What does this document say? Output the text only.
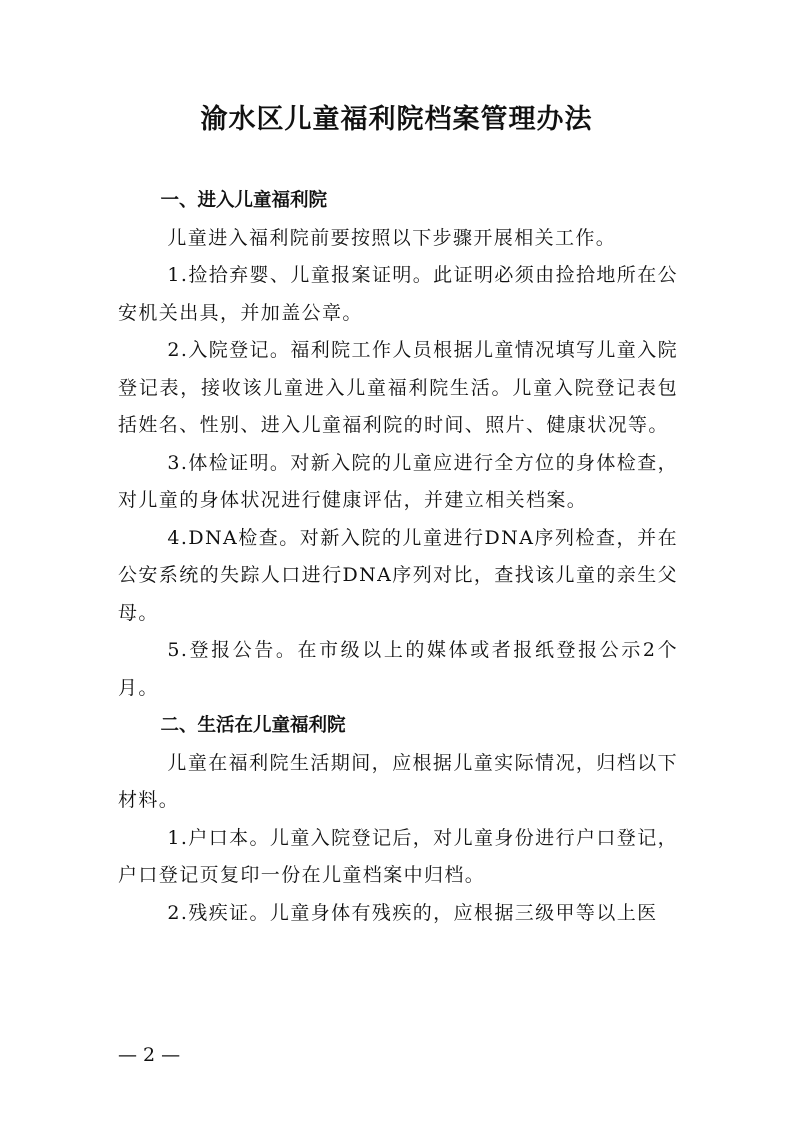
渝水区儿童福利院档案管理办法

一、进入儿童福利院

儿童进入福利院前要按照以下步骤开展相关工作。

1.捡拾弃婴、儿童报案证明。此证明必须由捡拾地所在公安机关出具，并加盖公章。

2.入院登记。福利院工作人员根据儿童情况填写儿童入院登记表，接收该儿童进入儿童福利院生活。儿童入院登记表包括姓名、性别、进入儿童福利院的时间、照片、健康状况等。

3.体检证明。对新入院的儿童应进行全方位的身体检查，对儿童的身体状况进行健康评估，并建立相关档案。

4.DNA检查。对新入院的儿童进行DNA序列检查，并在公安系统的失踪人口进行DNA序列对比，查找该儿童的亲生父母。

5.登报公告。在市级以上的媒体或者报纸登报公示2个月。

二、生活在儿童福利院

儿童在福利院生活期间，应根据儿童实际情况，归档以下材料。

1.户口本。儿童入院登记后，对儿童身份进行户口登记，户口登记页复印一份在儿童档案中归档。

2.残疾证。儿童身体有残疾的，应根据三级甲等以上医

— 2 —
